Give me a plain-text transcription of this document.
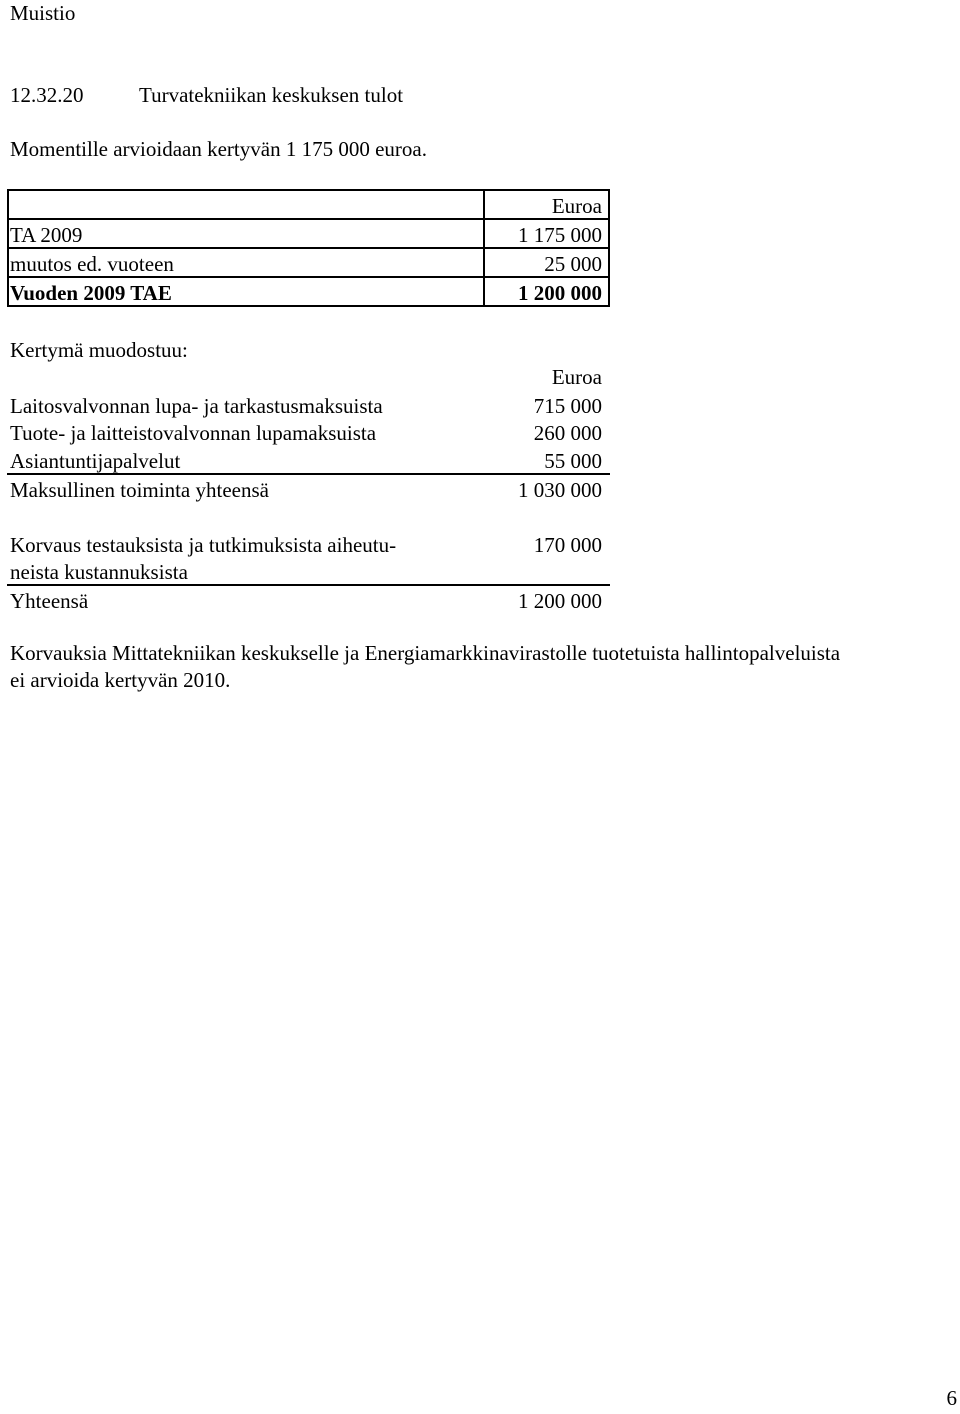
Muistio
12.32.20	Turvatekniikan keskuksen tulot
Momentille arvioidaan kertyvän 1 175 000 euroa.
Euroa
TA 2009	1 175 000
muutos ed. vuoteen	25 000
Vuoden 2009 TAE	1 200 000
Kertymä muodostuu:
Euroa
Laitosvalvonnan lupa- ja tarkastusmaksuista	715 000
Tuote- ja laitteistovalvonnan lupamaksuista	260 000
Asiantuntijapalvelut	55 000
Maksullinen toiminta yhteensä	1 030 000
Korvaus testauksista ja tutkimuksista aiheutu-
neista kustannuksista
170 000
Yhteensä	1 200 000
Korvauksia Mittatekniikan keskukselle ja Energiamarkkinavirastolle tuotetuista hallintopalveluista
ei arvioida kertyvän 2010.
6
